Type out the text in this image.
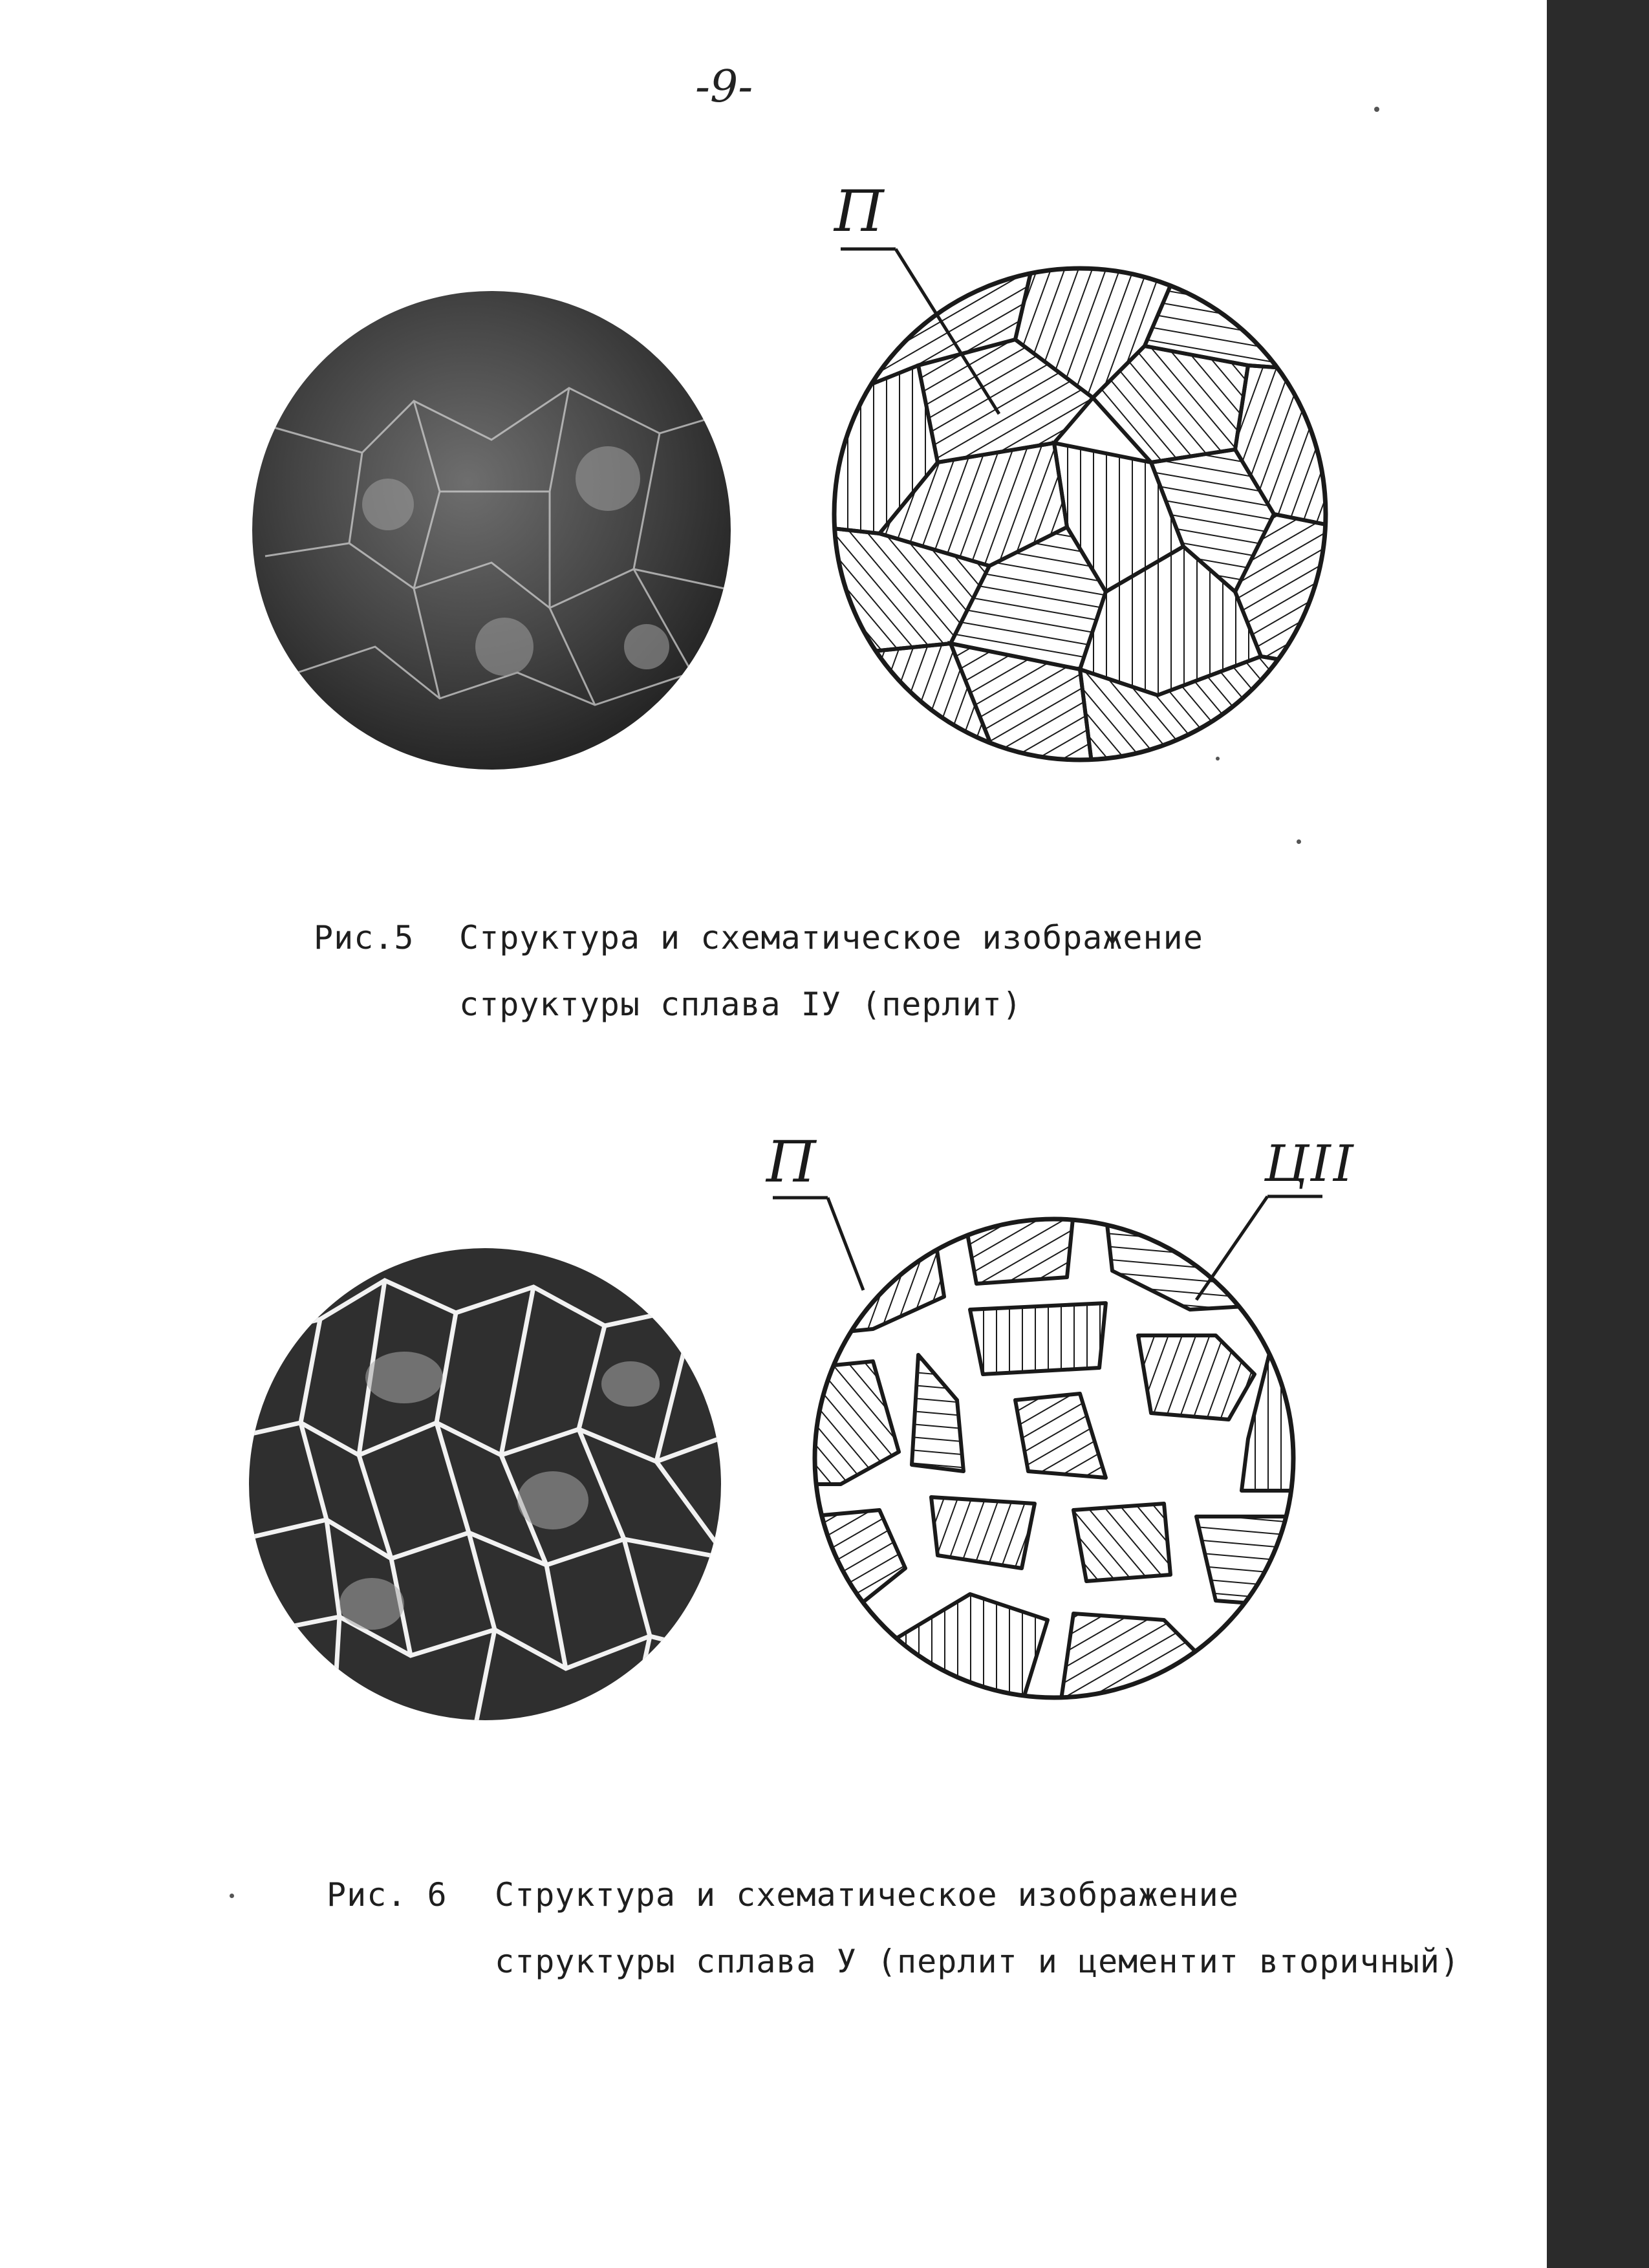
-9-
П
Рис.5 Структура и схематическое изображение
структуры сплава IУ (перлит)
П	ЦII
Рис. 6 Структура и схематическое изображение
структуры сплава У (перлит и цементит вторичный)
